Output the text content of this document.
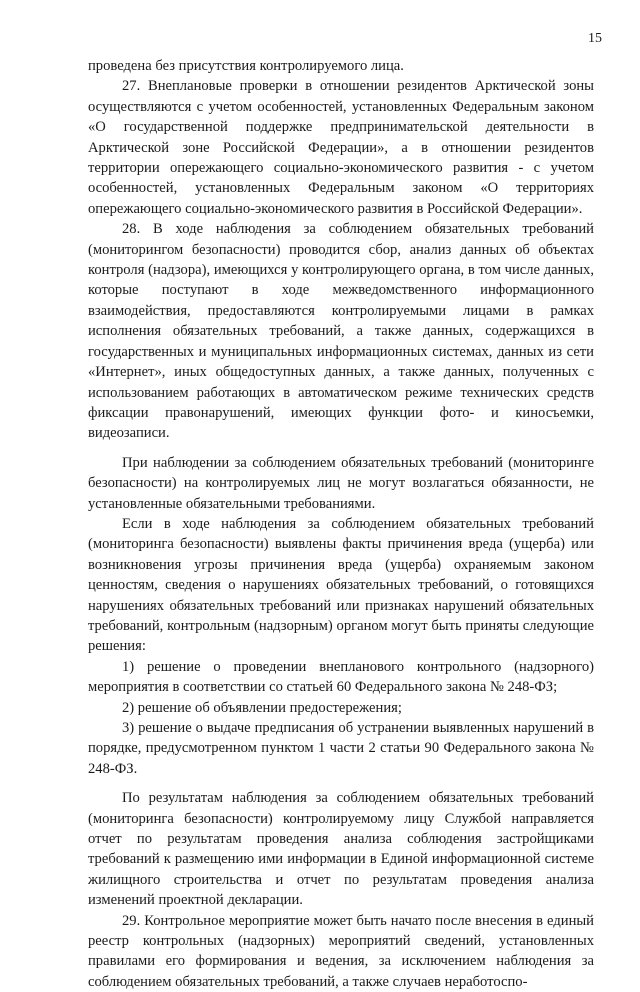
15

проведена без присутствия контролируемого лица.

27. Внеплановые проверки в отношении резидентов Арктической зоны осуществляются с учетом особенностей, установленных Федеральным законом «О государственной поддержке предпринимательской деятельности в Арктической зоне Российской Федерации», а в отношении резидентов территории опережающего социально-экономического развития - с учетом особенностей, установленных Федеральным законом «О территориях опережающего социально-экономического развития в Российской Федерации».

28. В ходе наблюдения за соблюдением обязательных требований (мониторингом безопасности) проводится сбор, анализ данных об объектах контроля (надзора), имеющихся у контролирующего органа, в том числе данных, которые поступают в ходе межведомственного информационного взаимодействия, предоставляются контролируемыми лицами в рамках исполнения обязательных требований, а также данных, содержащихся в государственных и муниципальных информационных системах, данных из сети «Интернет», иных общедоступных данных, а также данных, полученных с использованием работающих в автоматическом режиме технических средств фиксации правонарушений, имеющих функции фото- и киносъемки, видеозаписи.

При наблюдении за соблюдением обязательных требований (мониторинге безопасности) на контролируемых лиц не могут возлагаться обязанности, не установленные обязательными требованиями.

Если в ходе наблюдения за соблюдением обязательных требований (мониторинга безопасности) выявлены факты причинения вреда (ущерба) или возникновения угрозы причинения вреда (ущерба) охраняемым законом ценностям, сведения о нарушениях обязательных требований, о готовящихся нарушениях обязательных требований или признаках нарушений обязательных требований, контрольным (надзорным) органом могут быть приняты следующие решения:

1) решение о проведении внепланового контрольного (надзорного) мероприятия в соответствии со статьей 60 Федерального закона № 248-ФЗ;

2) решение об объявлении предостережения;

3) решение о выдаче предписания об устранении выявленных нарушений в порядке, предусмотренном пунктом 1 части 2 статьи 90 Федерального закона № 248-ФЗ.

По результатам наблюдения за соблюдением обязательных требований (мониторинга безопасности) контролируемому лицу Службой направляется отчет по результатам проведения анализа соблюдения застройщиками требований к размещению ими информации в Единой информационной системе жилищного строительства и отчет по результатам проведения анализа изменений проектной декларации.

29. Контрольное мероприятие может быть начато после внесения в единый реестр контрольных (надзорных) мероприятий сведений, установленных правилами его формирования и ведения, за исключением наблюдения за соблюдением обязательных требований, а также случаев неработоспо-
